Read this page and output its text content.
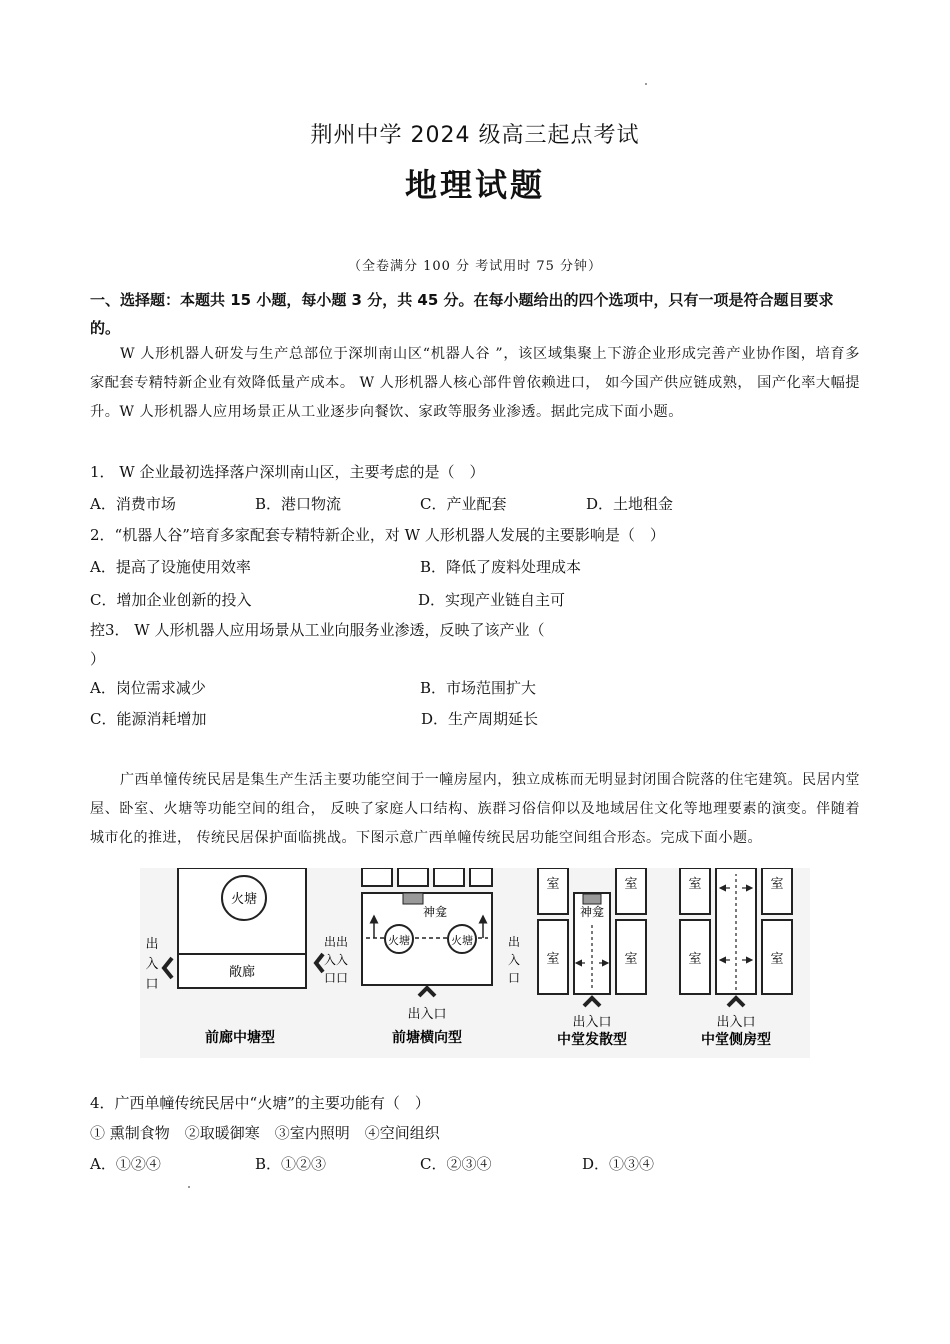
荆州中学 2024 级高三起点考试
地理试题
（全卷满分 100 分 考试用时 75 分钟）
一、选择题：本题共 15 小题，每小题 3 分，共 45 分。在每小题给出的四个选项中，只有一项是符合题目要求的。
W 人形机器人研发与生产总部位于深圳南山区“机器人谷 ”，该区域集聚上下游企业形成完善产业协作图，培育多家配套专精特新企业有效降低量产成本。 W 人形机器人核心部件曾依赖进口， 如今国产供应链成熟， 国产化率大幅提升。W 人形机器人应用场景正从工业逐步向餐饮、家政等服务业渗透。据此完成下面小题。
1． W 企业最初选择落户深圳南山区，主要考虑的是（　）
A．消费市场	B．港口物流	C．产业配套	D．土地租金
2．“机器人谷”培育多家配套专精特新企业，对 W 人形机器人发展的主要影响是（　）
A．提高了设施使用效率	B．降低了废料处理成本
C．增加企业创新的投入	D．实现产业链自主可
控3． W 人形机器人应用场景从工业向服务业渗透，反映了该产业（
）
A．岗位需求减少	B．市场范围扩大
C．能源消耗增加	D．生产周期延长
广西单憧传统民居是集生产生活主要功能空间于一幢房屋内，独立成栋而无明显封闭围合院落的住宅建筑。民居内堂屋、卧室、火塘等功能空间的组合， 反映了家庭人口结构、族群习俗信仰以及地域居住文化等地理要素的演变。伴随着城市化的推进， 传统民居保护面临挑战。下图示意广西单幢传统民居功能空间组合形态。完成下面小题。
火塘
敞廊
出
入
口
前廊中塘型
神龛
火塘	火塘
出出
入入
口口
出
入
口
出入口
前塘横向型
神龛
室	室
室	室
出入口
中堂发散型
室	室
室	室
出入口
中堂侧房型
4．广西单幢传统民居中“火塘”的主要功能有（　）
① 熏制食物　②取暖御寒　③室内照明　④空间组织
A．①②④	B．①②③	C．②③④	D．①③④
